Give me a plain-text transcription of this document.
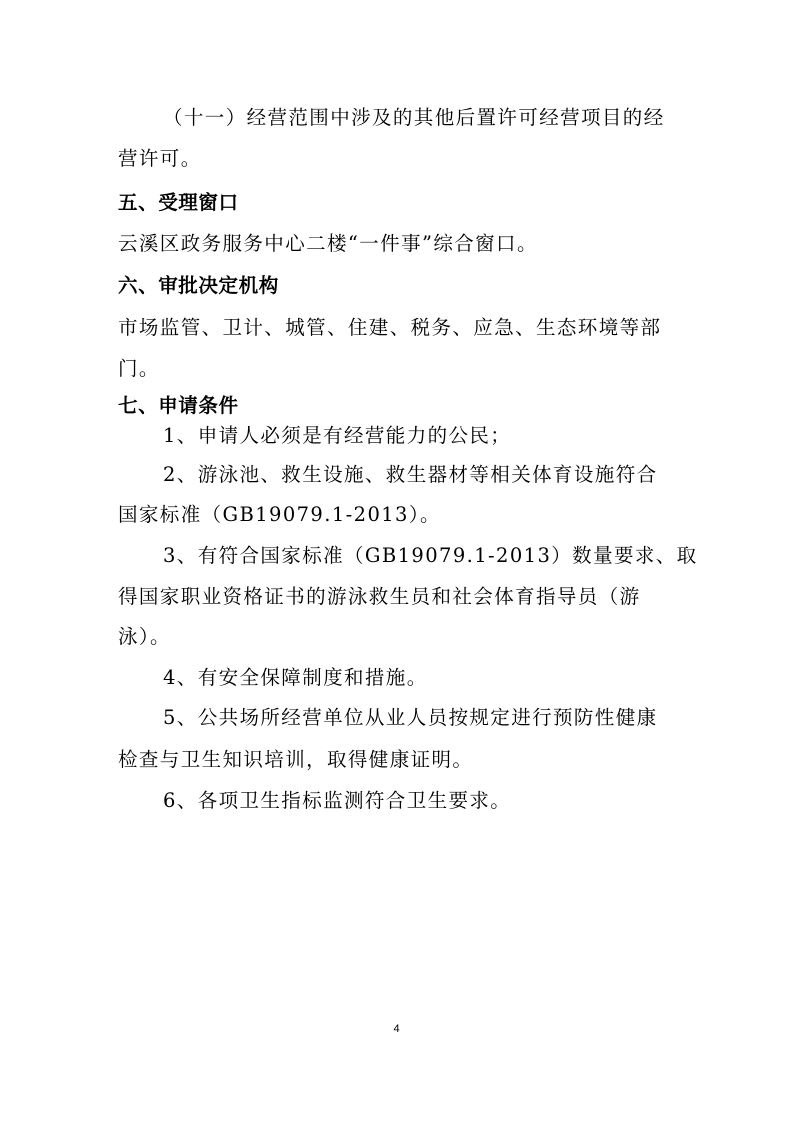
（十一）经营范围中涉及的其他后置许可经营项目的经
营许可。
五、受理窗口
云溪区政务服务中心二楼“一件事”综合窗口。
六、审批决定机构
市场监管、卫计、城管、住建、税务、应急、生态环境等部
门。
七、申请条件
1、申请人必须是有经营能力的公民；
2、游泳池、救生设施、救生器材等相关体育设施符合
国家标准（GB19079.1-2013）。
3、有符合国家标准（GB19079.1-2013）数量要求、取
得国家职业资格证书的游泳救生员和社会体育指导员（游
泳）。
4、有安全保障制度和措施。
5、公共场所经营单位从业人员按规定进行预防性健康
检查与卫生知识培训，取得健康证明。
6、各项卫生指标监测符合卫生要求。
4
